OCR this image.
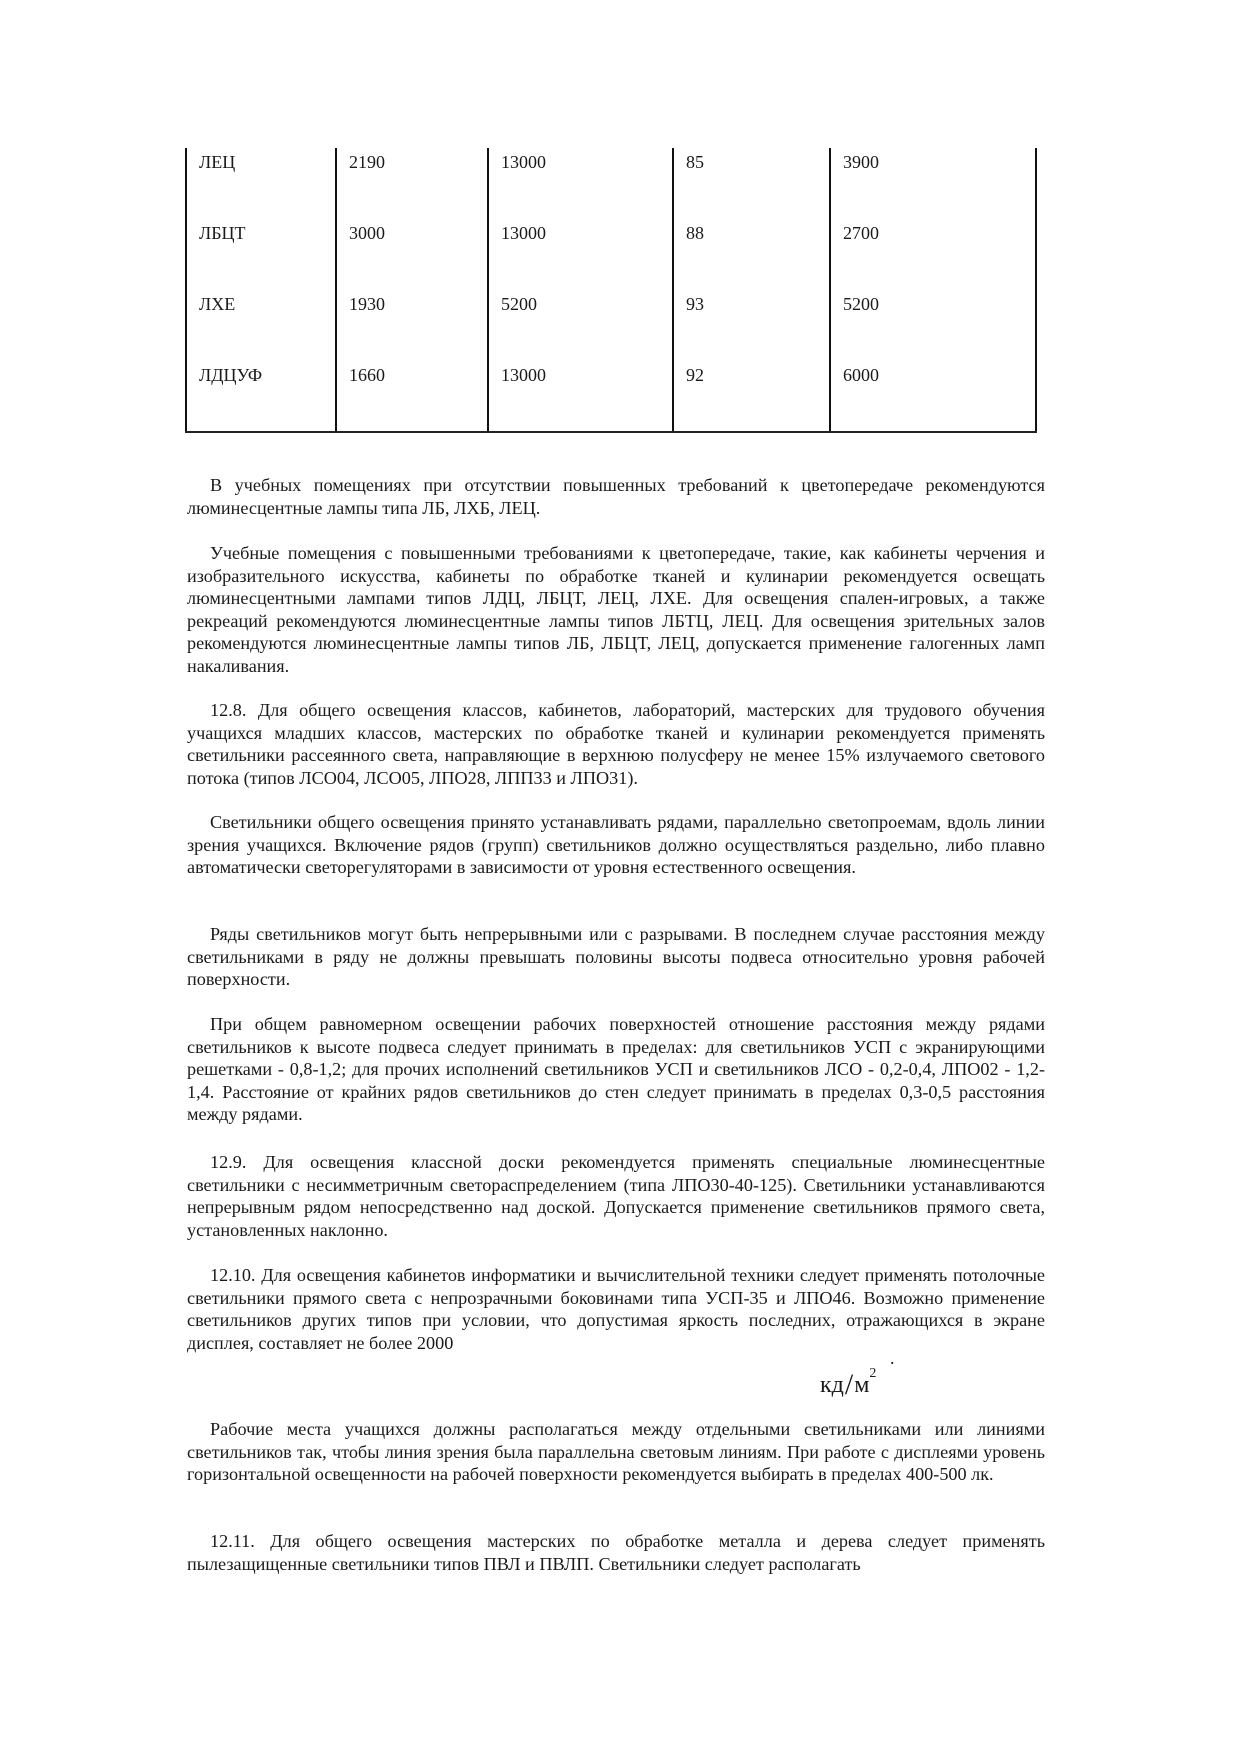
ЛЕЦ	2190	13000	85	3900
ЛБЦТ	3000	13000	88	2700
ЛХЕ	1930	5200	93	5200
ЛДЦУФ	1660	13000	92	6000

В учебных помещениях при отсутствии повышенных требований к цветопередаче рекомендуются люминесцентные лампы типа ЛБ, ЛХБ, ЛЕЦ.

Учебные помещения с повышенными требованиями к цветопередаче, такие, как кабинеты черчения и изобразительного искусства, кабинеты по обработке тканей и кулинарии рекомендуется освещать люминесцентными лампами типов ЛДЦ, ЛБЦТ, ЛЕЦ, ЛХЕ. Для освещения спален-игровых, а также рекреаций рекомендуются люминесцентные лампы типов ЛБТЦ, ЛЕЦ. Для освещения зрительных залов рекомендуются люминесцентные лампы типов ЛБ, ЛБЦТ, ЛЕЦ, допускается применение галогенных ламп накаливания.

12.8. Для общего освещения классов, кабинетов, лабораторий, мастерских для трудового обучения учащихся младших классов, мастерских по обработке тканей и кулинарии рекомендуется применять светильники рассеянного света, направляющие в верхнюю полусферу не менее 15% излучаемого светового потока (типов ЛСО04, ЛСО05, ЛПО28, ЛПП33 и ЛПО31).

Светильники общего освещения принято устанавливать рядами, параллельно светопроемам, вдоль линии зрения учащихся. Включение рядов (групп) светильников должно осуществляться раздельно, либо плавно автоматически светорегуляторами в зависимости от уровня естественного освещения.

Ряды светильников могут быть непрерывными или с разрывами. В последнем случае расстояния между светильниками в ряду не должны превышать половины высоты подвеса относительно уровня рабочей поверхности.

При общем равномерном освещении рабочих поверхностей отношение расстояния между рядами светильников к высоте подвеса следует принимать в пределах: для светильников УСП с экранирующими решетками - 0,8-1,2; для прочих исполнений светильников УСП и светильников ЛСО - 0,2-0,4, ЛПО02 - 1,2-1,4. Расстояние от крайних рядов светильников до стен следует принимать в пределах 0,3-0,5 расстояния между рядами.

12.9. Для освещения классной доски рекомендуется применять специальные люминесцентные светильники с несимметричным светораспределением (типа ЛПО30-40-125). Светильники устанавливаются непрерывным рядом непосредственно над доской. Допускается применение светильников прямого света, установленных наклонно.

12.10. Для освещения кабинетов информатики и вычислительной техники следует применять потолочные светильники прямого света с непрозрачными боковинами типа УСП-35 и ЛПО46. Возможно применение светильников других типов при условии, что допустимая яркость последних, отражающихся в экране дисплея, составляет не более 2000

.
$кд/м^2$

Рабочие места учащихся должны располагаться между отдельными светильниками или линиями светильников так, чтобы линия зрения была параллельна световым линиям. При работе с дисплеями уровень горизонтальной освещенности на рабочей поверхности рекомендуется выбирать в пределах 400-500 лк.

12.11. Для общего освещения мастерских по обработке металла и дерева следует применять пылезащищенные светильники типов ПВЛ и ПВЛП. Светильники следует располагать
